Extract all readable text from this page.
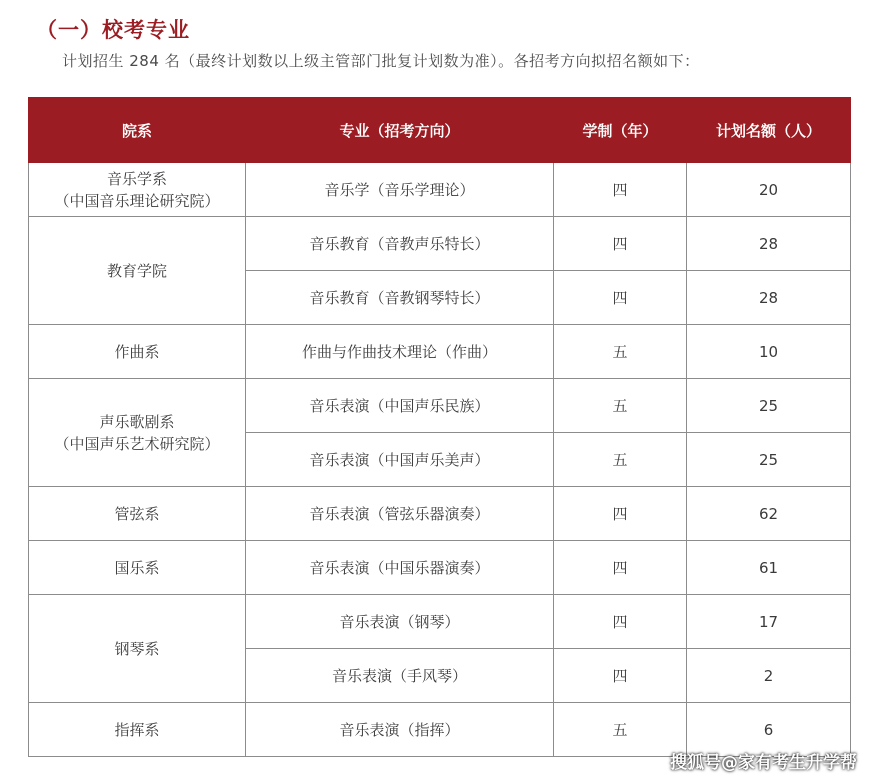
（一）校考专业

计划招生 284 名（最终计划数以上级主管部门批复计划数为准）。各招考方向拟招名额如下：

院系	专业（招考方向）	学制（年）	计划名额（人）

音乐学系
（中国音乐理论研究院）	音乐学（音乐学理论）	四	20

教育学院	音乐教育（音教声乐特长）	四	28
	音乐教育（音教钢琴特长）	四	28

作曲系	作曲与作曲技术理论（作曲）	五	10

声乐歌剧系
（中国声乐艺术研究院）	音乐表演（中国声乐民族）	五	25
	音乐表演（中国声乐美声）	五	25

管弦系	音乐表演（管弦乐器演奏）	四	62

国乐系	音乐表演（中国乐器演奏）	四	61

钢琴系	音乐表演（钢琴）	四	17
	音乐表演（手风琴）	四	2

指挥系	音乐表演（指挥）	五	6
搜狐号@家有考生升学帮
